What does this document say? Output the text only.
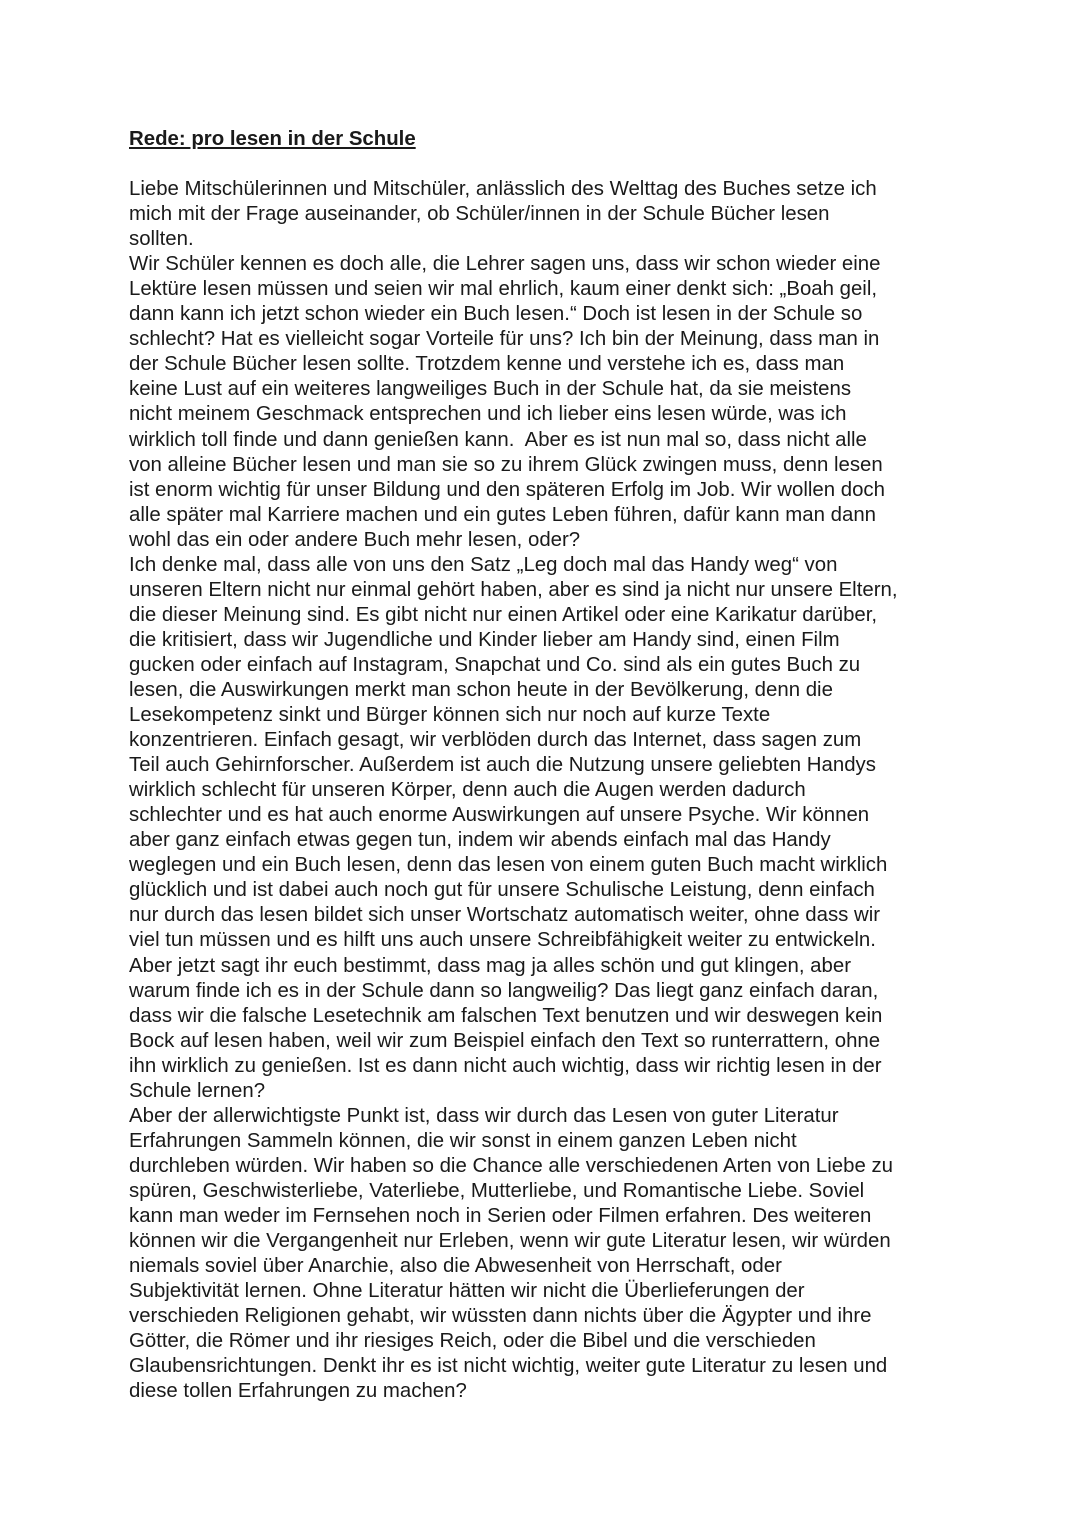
Rede: pro lesen in der Schule

Liebe Mitschülerinnen und Mitschüler, anlässlich des Welttag des Buches setze ich
mich mit der Frage auseinander, ob Schüler/innen in der Schule Bücher lesen
sollten.

Wir Schüler kennen es doch alle, die Lehrer sagen uns, dass wir schon wieder eine
Lektüre lesen müssen und seien wir mal ehrlich, kaum einer denkt sich: „Boah geil,
dann kann ich jetzt schon wieder ein Buch lesen.“ Doch ist lesen in der Schule so
schlecht? Hat es vielleicht sogar Vorteile für uns? Ich bin der Meinung, dass man in
der Schule Bücher lesen sollte. Trotzdem kenne und verstehe ich es, dass man
keine Lust auf ein weiteres langweiliges Buch in der Schule hat, da sie meistens
nicht meinem Geschmack entsprechen und ich lieber eins lesen würde, was ich
wirklich toll finde und dann genießen kann.  Aber es ist nun mal so, dass nicht alle
von alleine Bücher lesen und man sie so zu ihrem Glück zwingen muss, denn lesen
ist enorm wichtig für unser Bildung und den späteren Erfolg im Job. Wir wollen doch
alle später mal Karriere machen und ein gutes Leben führen, dafür kann man dann
wohl das ein oder andere Buch mehr lesen, oder?

Ich denke mal, dass alle von uns den Satz „Leg doch mal das Handy weg“ von
unseren Eltern nicht nur einmal gehört haben, aber es sind ja nicht nur unsere Eltern,
die dieser Meinung sind. Es gibt nicht nur einen Artikel oder eine Karikatur darüber,
die kritisiert, dass wir Jugendliche und Kinder lieber am Handy sind, einen Film
gucken oder einfach auf Instagram, Snapchat und Co. sind als ein gutes Buch zu
lesen, die Auswirkungen merkt man schon heute in der Bevölkerung, denn die
Lesekompetenz sinkt und Bürger können sich nur noch auf kurze Texte
konzentrieren. Einfach gesagt, wir verblöden durch das Internet, dass sagen zum
Teil auch Gehirnforscher. Außerdem ist auch die Nutzung unsere geliebten Handys
wirklich schlecht für unseren Körper, denn auch die Augen werden dadurch
schlechter und es hat auch enorme Auswirkungen auf unsere Psyche. Wir können
aber ganz einfach etwas gegen tun, indem wir abends einfach mal das Handy
weglegen und ein Buch lesen, denn das lesen von einem guten Buch macht wirklich
glücklich und ist dabei auch noch gut für unsere Schulische Leistung, denn einfach
nur durch das lesen bildet sich unser Wortschatz automatisch weiter, ohne dass wir
viel tun müssen und es hilft uns auch unsere Schreibfähigkeit weiter zu entwickeln.

Aber jetzt sagt ihr euch bestimmt, dass mag ja alles schön und gut klingen, aber
warum finde ich es in der Schule dann so langweilig? Das liegt ganz einfach daran,
dass wir die falsche Lesetechnik am falschen Text benutzen und wir deswegen kein
Bock auf lesen haben, weil wir zum Beispiel einfach den Text so runterrattern, ohne
ihn wirklich zu genießen. Ist es dann nicht auch wichtig, dass wir richtig lesen in der
Schule lernen?

Aber der allerwichtigste Punkt ist, dass wir durch das Lesen von guter Literatur
Erfahrungen Sammeln können, die wir sonst in einem ganzen Leben nicht
durchleben würden. Wir haben so die Chance alle verschiedenen Arten von Liebe zu
spüren, Geschwisterliebe, Vaterliebe, Mutterliebe, und Romantische Liebe. Soviel
kann man weder im Fernsehen noch in Serien oder Filmen erfahren. Des weiteren
können wir die Vergangenheit nur Erleben, wenn wir gute Literatur lesen, wir würden
niemals soviel über Anarchie, also die Abwesenheit von Herrschaft, oder
Subjektivität lernen. Ohne Literatur hätten wir nicht die Überlieferungen der
verschieden Religionen gehabt, wir wüssten dann nichts über die Ägypter und ihre
Götter, die Römer und ihr riesiges Reich, oder die Bibel und die verschieden
Glaubensrichtungen. Denkt ihr es ist nicht wichtig, weiter gute Literatur zu lesen und
diese tollen Erfahrungen zu machen?
